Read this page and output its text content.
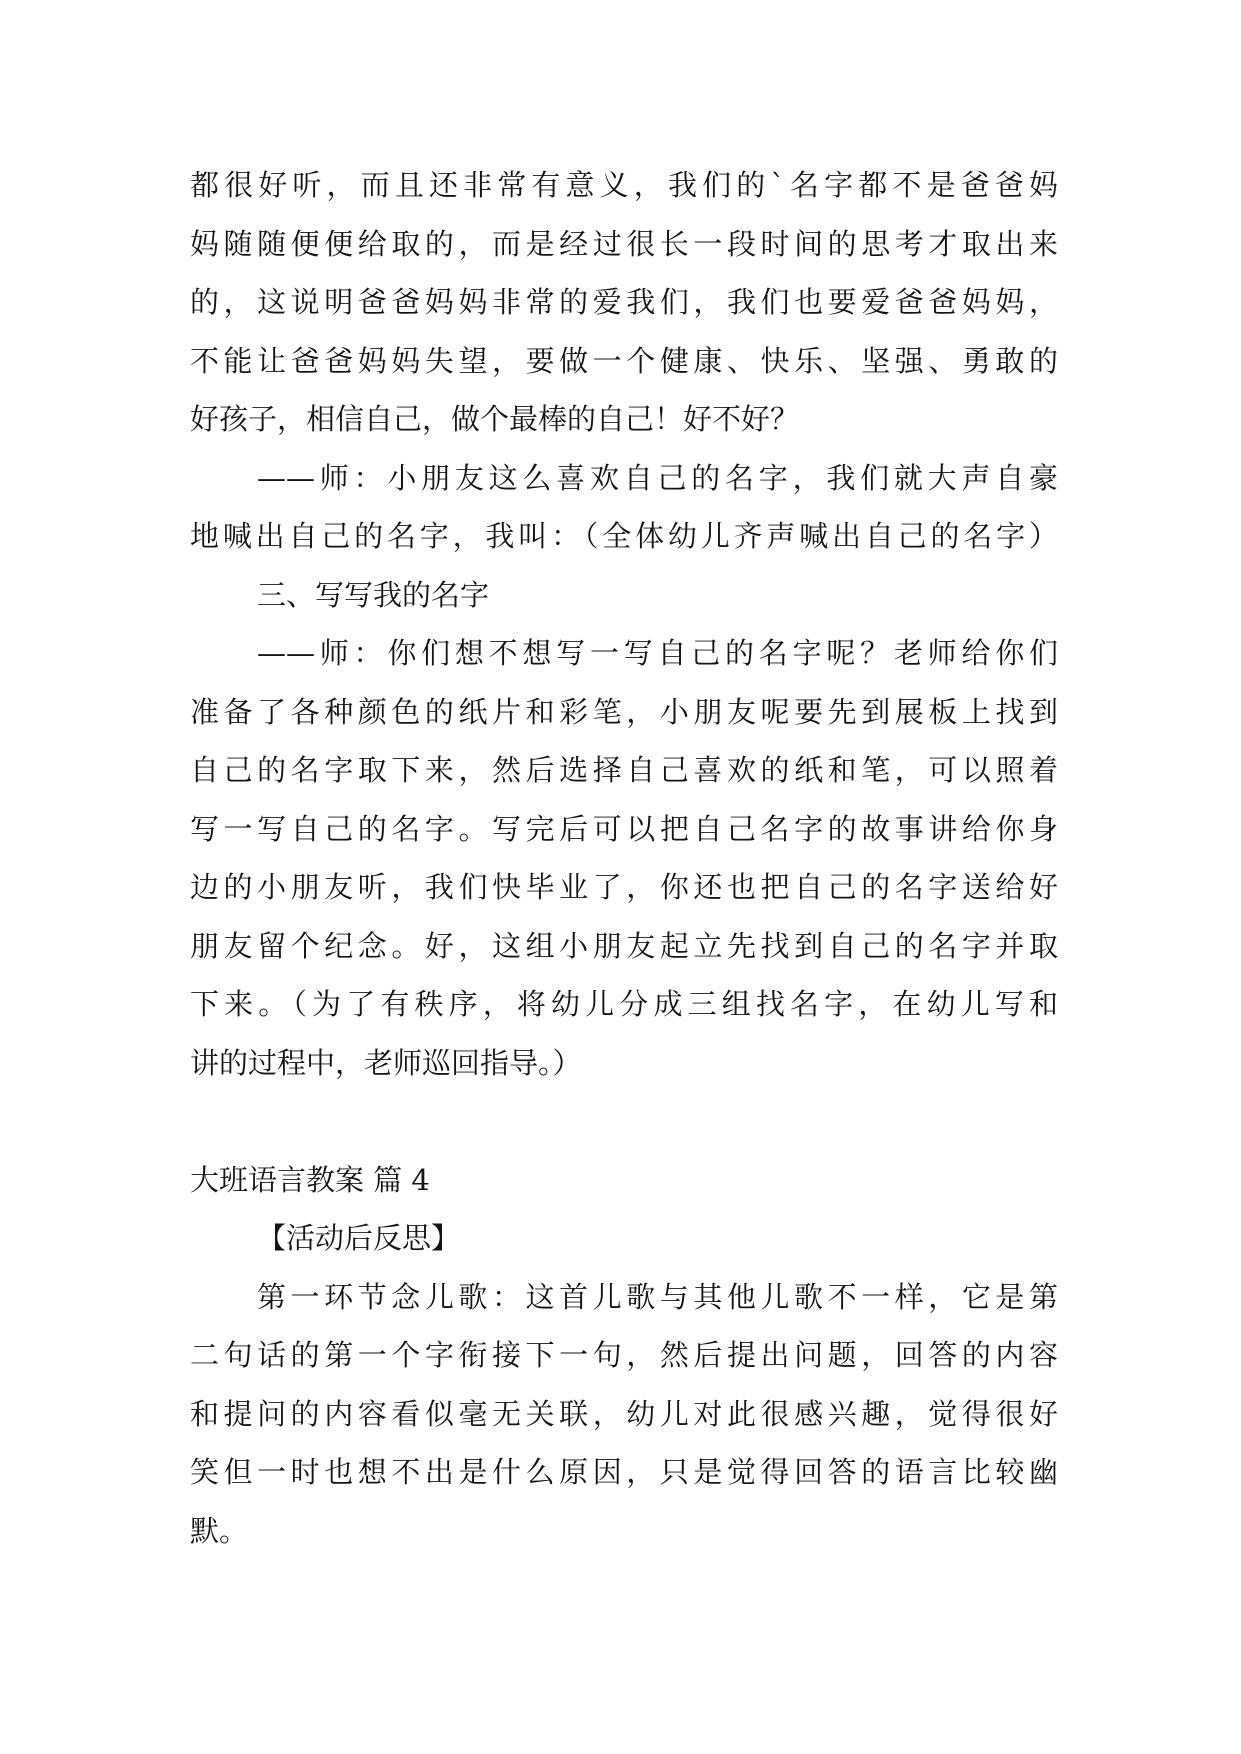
都很好听，而且还非常有意义，我们的`名字都不是爸爸妈
妈随随便便给取的，而是经过很长一段时间的思考才取出来
的，这说明爸爸妈妈非常的爱我们，我们也要爱爸爸妈妈，
不能让爸爸妈妈失望，要做一个健康、快乐、坚强、勇敢的
好孩子，相信自己，做个最棒的自己！好不好？
——师：小朋友这么喜欢自己的名字，我们就大声自豪
地喊出自己的名字，我叫：（全体幼儿齐声喊出自己的名字）
三、写写我的名字
——师：你们想不想写一写自己的名字呢？老师给你们
准备了各种颜色的纸片和彩笔，小朋友呢要先到展板上找到
自己的名字取下来，然后选择自己喜欢的纸和笔，可以照着
写一写自己的名字。写完后可以把自己名字的故事讲给你身
边的小朋友听，我们快毕业了，你还也把自己的名字送给好
朋友留个纪念。好，这组小朋友起立先找到自己的名字并取
下来。（为了有秩序，将幼儿分成三组找名字，在幼儿写和
讲的过程中，老师巡回指导。）
大班语言教案 篇 4
【活动后反思】
第一环节念儿歌：这首儿歌与其他儿歌不一样，它是第
二句话的第一个字衔接下一句，然后提出问题，回答的内容
和提问的内容看似毫无关联，幼儿对此很感兴趣，觉得很好
笑但一时也想不出是什么原因，只是觉得回答的语言比较幽
默。
